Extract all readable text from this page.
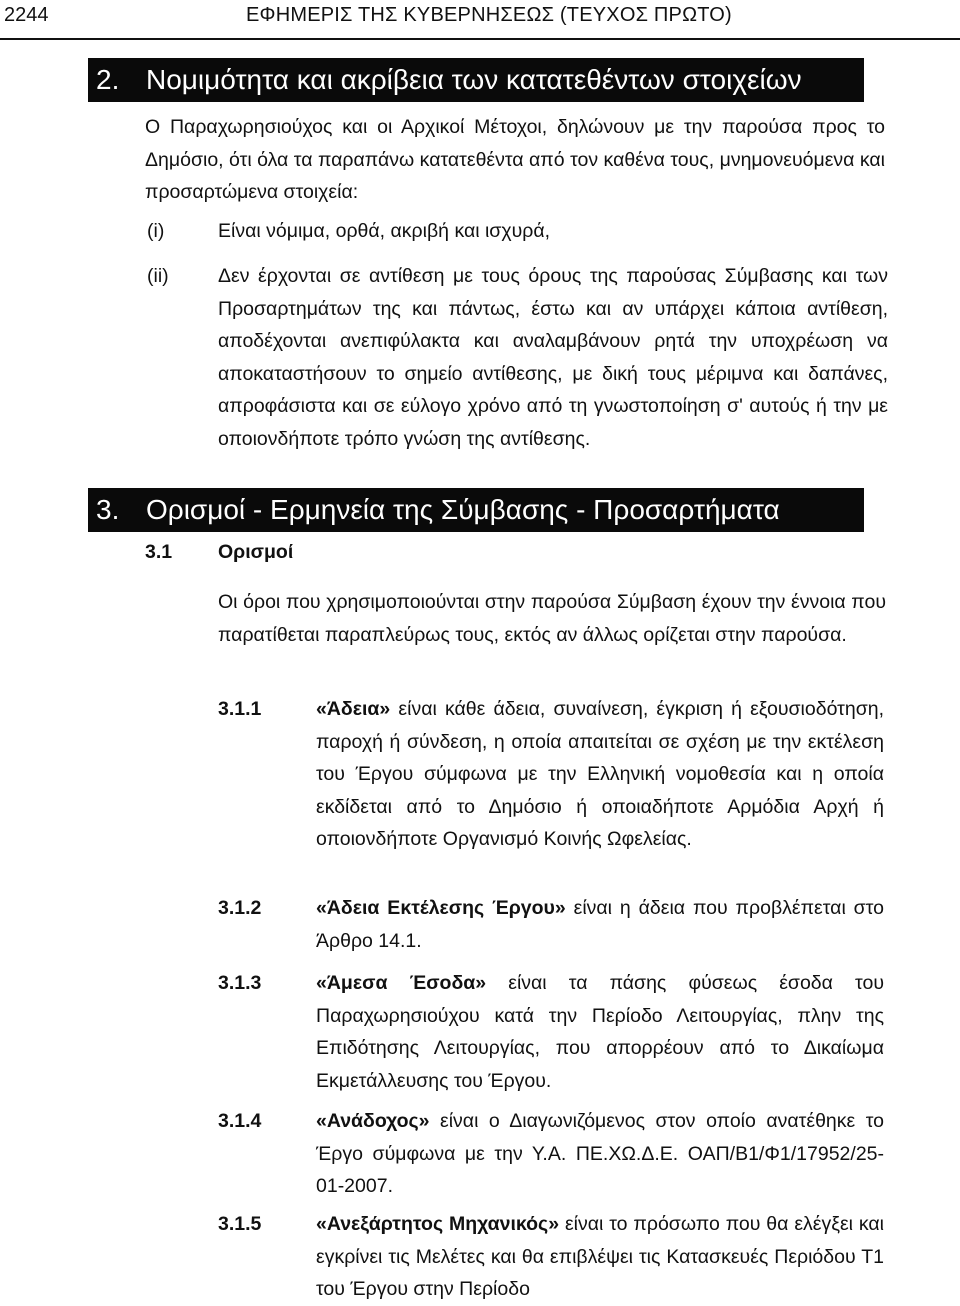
2244	ΕΦΗΜΕΡΙΣ ΤΗΣ ΚΥΒΕΡΝΗΣΕΩΣ (ΤΕΥΧΟΣ ΠΡΩΤΟ)
2. Νομιμότητα και ακρίβεια των κατατεθέντων στοιχείων

Ο Παραχωρησιούχος και οι Αρχικοί Μέτοχοι, δηλώνουν με την παρούσα προς το Δημόσιο, ότι όλα τα παραπάνω κατατεθέντα από τον καθένα τους, μνημονευόμενα και προσαρτώμενα στοιχεία:

(i)	Είναι νόμιμα, ορθά, ακριβή και ισχυρά,

(ii)	Δεν έρχονται σε αντίθεση με τους όρους της παρούσας Σύμβασης και των Προσαρτημάτων της και πάντως, έστω και αν υπάρχει κάποια αντίθεση, αποδέχονται ανεπιφύλακτα και αναλαμβάνουν ρητά την υποχρέωση να αποκαταστήσουν το σημείο αντίθεσης, με δική τους μέριμνα και δαπάνες, απροφάσιστα και σε εύλογο χρόνο από τη γνωστοποίηση σ' αυτούς ή την με οποιονδήποτε τρόπο γνώση της αντίθεσης.

3. Ορισμοί - Ερμηνεία της Σύμβασης - Προσαρτήματα
3.1 Ορισμοί

Οι όροι που χρησιμοποιούνται στην παρούσα Σύμβαση έχουν την έννοια που παρατίθεται παραπλεύρως τους, εκτός αν άλλως ορίζεται στην παρούσα.

3.1.1	«Άδεια» είναι κάθε άδεια, συναίνεση, έγκριση ή εξουσιοδότηση, παροχή ή σύνδεση, η οποία απαιτείται σε σχέση με την εκτέλεση του Έργου σύμφωνα με την Ελληνική νομοθεσία και η οποία εκδίδεται από το Δημόσιο ή οποιαδήποτε Αρμόδια Αρχή ή οποιονδήποτε Οργανισμό Κοινής Ωφελείας.

3.1.2	«Άδεια Εκτέλεσης Έργου» είναι η άδεια που προβλέπεται στο Άρθρο 14.1.

3.1.3	«Άμεσα Έσοδα» είναι τα πάσης φύσεως έσοδα του Παραχωρησιούχου κατά την Περίοδο Λειτουργίας, πλην της Επιδότησης Λειτουργίας, που απορρέουν από το Δικαίωμα Εκμετάλλευσης του Έργου.

3.1.4	«Ανάδοχος» είναι ο Διαγωνιζόμενος στον οποίο ανατέθηκε το Έργο σύμφωνα με την Υ.Α. ΠΕ.ΧΩ.Δ.Ε. ΟΑΠ/Β1/Φ1/17952/25-01-2007.

3.1.5	«Ανεξάρτητος Μηχανικός» είναι το πρόσωπο που θα ελέγξει και εγκρίνει τις Μελέτες και θα επιβλέψει τις Κατασκευές Περιόδου Τ1 του Έργου στην Περίοδο
